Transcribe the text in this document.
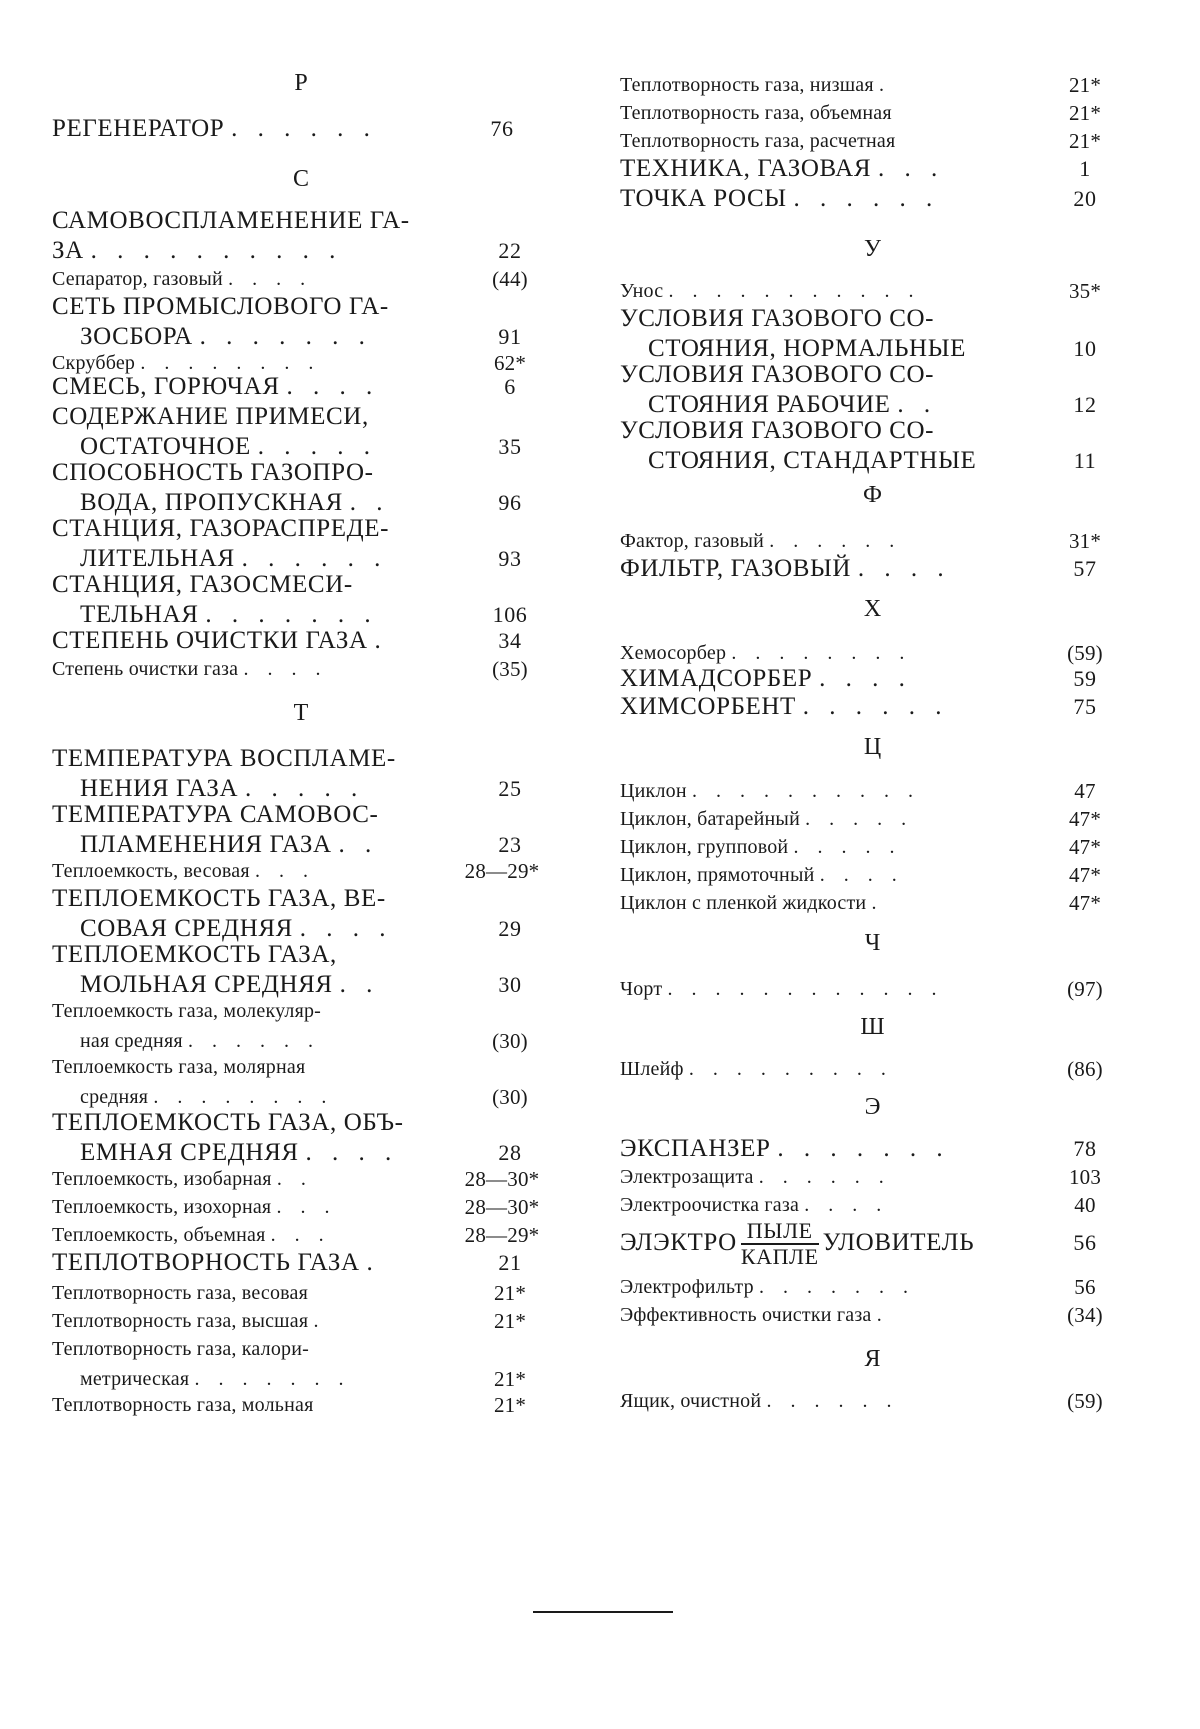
Р
РЕГЕНЕРАТОР . . . . . .	76
С
САМОВОСПЛАМЕНЕНИЕ ГА-
ЗА . . . . . . . . . .	22
Сепаратор, газовый . . . .	(44)
СЕТЬ ПРОМЫСЛОВОГО ГА-
ЗОСБОРА . . . . . . .	91
Скруббер . . . . . . . .	62*
СМЕСЬ, ГОРЮЧАЯ . . . .	6
СОДЕРЖАНИЕ ПРИМЕСИ,
ОСТАТОЧНОЕ . . . . .	35
СПОСОБНОСТЬ ГАЗОПРО-
ВОДА, ПРОПУСКНАЯ . .	96
СТАНЦИЯ, ГАЗОРАСПРЕДЕ-
ЛИТЕЛЬНАЯ . . . . . .	93
СТАНЦИЯ, ГАЗОСМЕСИ-
ТЕЛЬНАЯ . . . . . . .	106
СТЕПЕНЬ ОЧИСТКИ ГАЗА .	34
Степень очистки газа . . . .	(35)
Т
ТЕМПЕРАТУРА ВОСПЛАМЕ-
НЕНИЯ ГАЗА . . . . .	25
ТЕМПЕРАТУРА САМОВОС-
ПЛАМЕНЕНИЯ ГАЗА . .	23
Теплоемкость, весовая . . .	28—29*
ТЕПЛОЕМКОСТЬ ГАЗА, ВЕ-
СОВАЯ СРЕДНЯЯ . . . .	29
ТЕПЛОЕМКОСТЬ ГАЗА,
МОЛЬНАЯ СРЕДНЯЯ . .	30
Теплоемкость газа, молекуляр-
ная средняя . . . . . .	(30)
Теплоемкость газа, молярная
средняя . . . . . . . .	(30)
ТЕПЛОЕМКОСТЬ ГАЗА, ОБЪ-
ЕМНАЯ СРЕДНЯЯ . . . .	28
Теплоемкость, изобарная . .	28—30*
Теплоемкость, изохорная . . .	28—30*
Теплоемкость, объемная . . .	28—29*
ТЕПЛОТВОРНОСТЬ ГАЗА .	21
Теплотворность газа, весовая	21*
Теплотворность газа, высшая .	21*
Теплотворность газа, калори-
метрическая . . . . . . .	21*
Теплотворность газа, мольная	21*
Теплотворность газа, низшая .	21*
Теплотворность газа, объемная	21*
Теплотворность газа, расчетная	21*
ТЕХНИКА, ГАЗОВАЯ . . .	1
ТОЧКА РОСЫ . . . . . .	20
У
Унос . . . . . . . . . . .	35*
УСЛОВИЯ ГАЗОВОГО СО-
СТОЯНИЯ, НОРМАЛЬНЫЕ	10
УСЛОВИЯ ГАЗОВОГО СО-
СТОЯНИЯ РАБОЧИЕ . .	12
УСЛОВИЯ ГАЗОВОГО СО-
СТОЯНИЯ, СТАНДАРТНЫЕ	11
Ф
Фактор, газовый . . . . . .	31*
ФИЛЬТР, ГАЗОВЫЙ . . . .	57
Х
Хемосорбер . . . . . . . .	(59)
ХИМАДСОРБЕР . . . .	59
ХИМСОРБЕНТ . . . . . .	75
Ц
Циклон . . . . . . . . . .	47
Циклон, батарейный . . . . .	47*
Циклон, групповой . . . . .	47*
Циклон, прямоточный . . . .	47*
Циклон с пленкой жидкости .	47*
Ч
Чорт . . . . . . . . . . . .	(97)
Ш
Шлейф . . . . . . . . .	(86)
Э
ЭКСПАНЗЕР . . . . . . .	78
Электрозащита . . . . . .	103
Электроочистка газа . . . .	40
ЭЛЭКТРО $\frac{\text{ПЫЛЕ}}{\text{КАПЛЕ}}$ УЛОВИТЕЛЬ	56
Электрофильтр . . . . . . .	56
Эффективность очистки газа .	(34)
Я
Ящик, очистной . . . . . .	(59)
